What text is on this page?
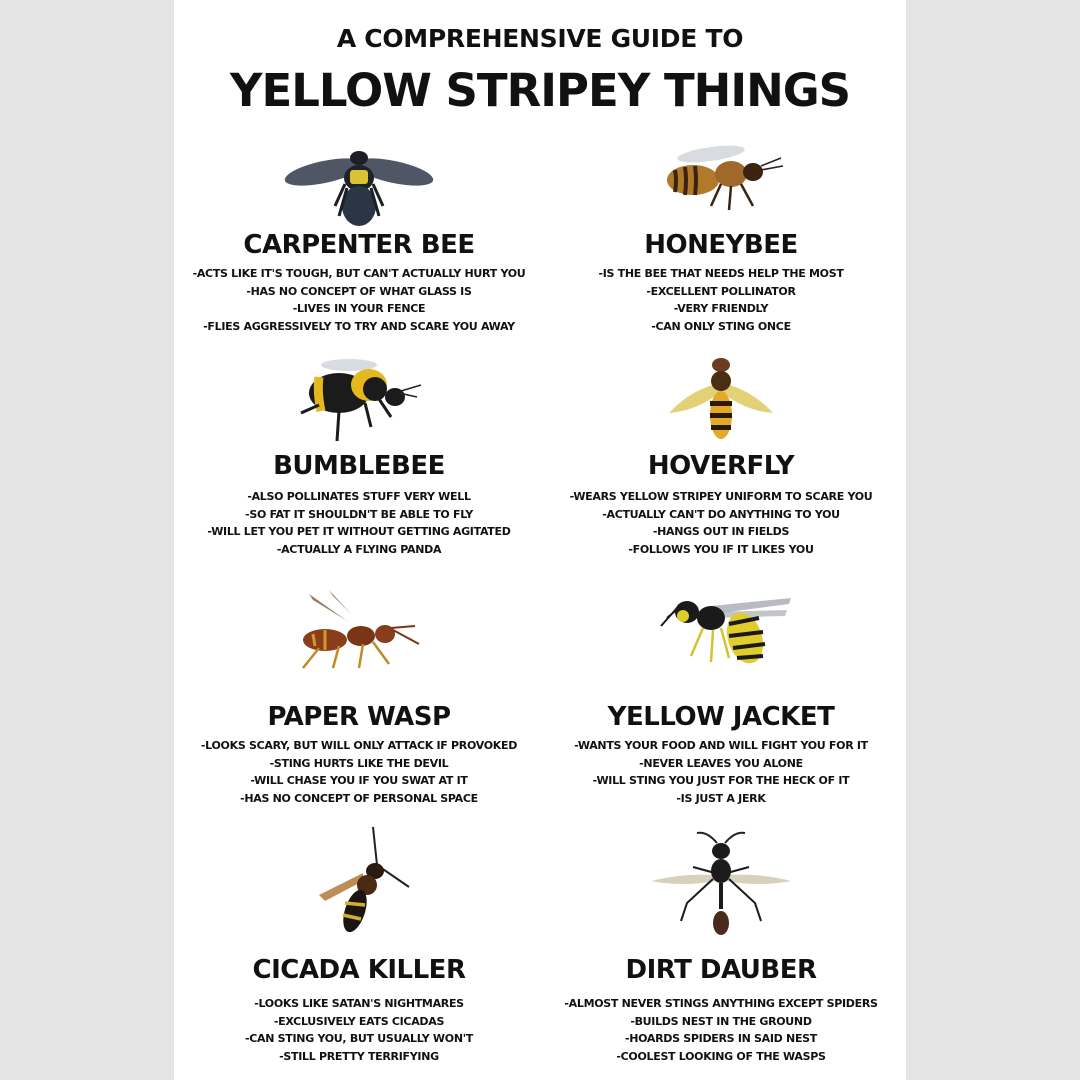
A COMPREHENSIVE GUIDE TO
YELLOW STRIPEY THINGS
CARPENTER BEE
-ACTS LIKE IT'S TOUGH, BUT CAN'T ACTUALLY HURT YOU
-HAS NO CONCEPT OF WHAT GLASS IS
-LIVES IN YOUR FENCE
-FLIES AGGRESSIVELY TO TRY AND SCARE YOU AWAY
HONEYBEE
-IS THE BEE THAT NEEDS HELP THE MOST
-EXCELLENT POLLINATOR
-VERY FRIENDLY
-CAN ONLY STING ONCE
BUMBLEBEE
-ALSO POLLINATES STUFF VERY WELL
-SO FAT IT SHOULDN'T BE ABLE TO FLY
-WILL LET YOU PET IT WITHOUT GETTING AGITATED
-ACTUALLY A FLYING PANDA
HOVERFLY
-WEARS YELLOW STRIPEY UNIFORM TO SCARE YOU
-ACTUALLY CAN'T DO ANYTHING TO YOU
-HANGS OUT IN FIELDS
-FOLLOWS YOU IF IT LIKES YOU
PAPER WASP
-LOOKS SCARY, BUT WILL ONLY ATTACK IF PROVOKED
-STING HURTS LIKE THE DEVIL
-WILL CHASE YOU IF YOU SWAT AT IT
-HAS NO CONCEPT OF PERSONAL SPACE
YELLOW JACKET
-WANTS YOUR FOOD AND WILL FIGHT YOU FOR IT
-NEVER LEAVES YOU ALONE
-WILL STING YOU JUST FOR THE HECK OF IT
-IS JUST A JERK
CICADA KILLER
-LOOKS LIKE SATAN'S NIGHTMARES
-EXCLUSIVELY EATS CICADAS
-CAN STING YOU, BUT USUALLY WON'T
-STILL PRETTY TERRIFYING
DIRT DAUBER
-ALMOST NEVER STINGS ANYTHING EXCEPT SPIDERS
-BUILDS NEST IN THE GROUND
-HOARDS SPIDERS IN SAID NEST
-COOLEST LOOKING OF THE WASPS
